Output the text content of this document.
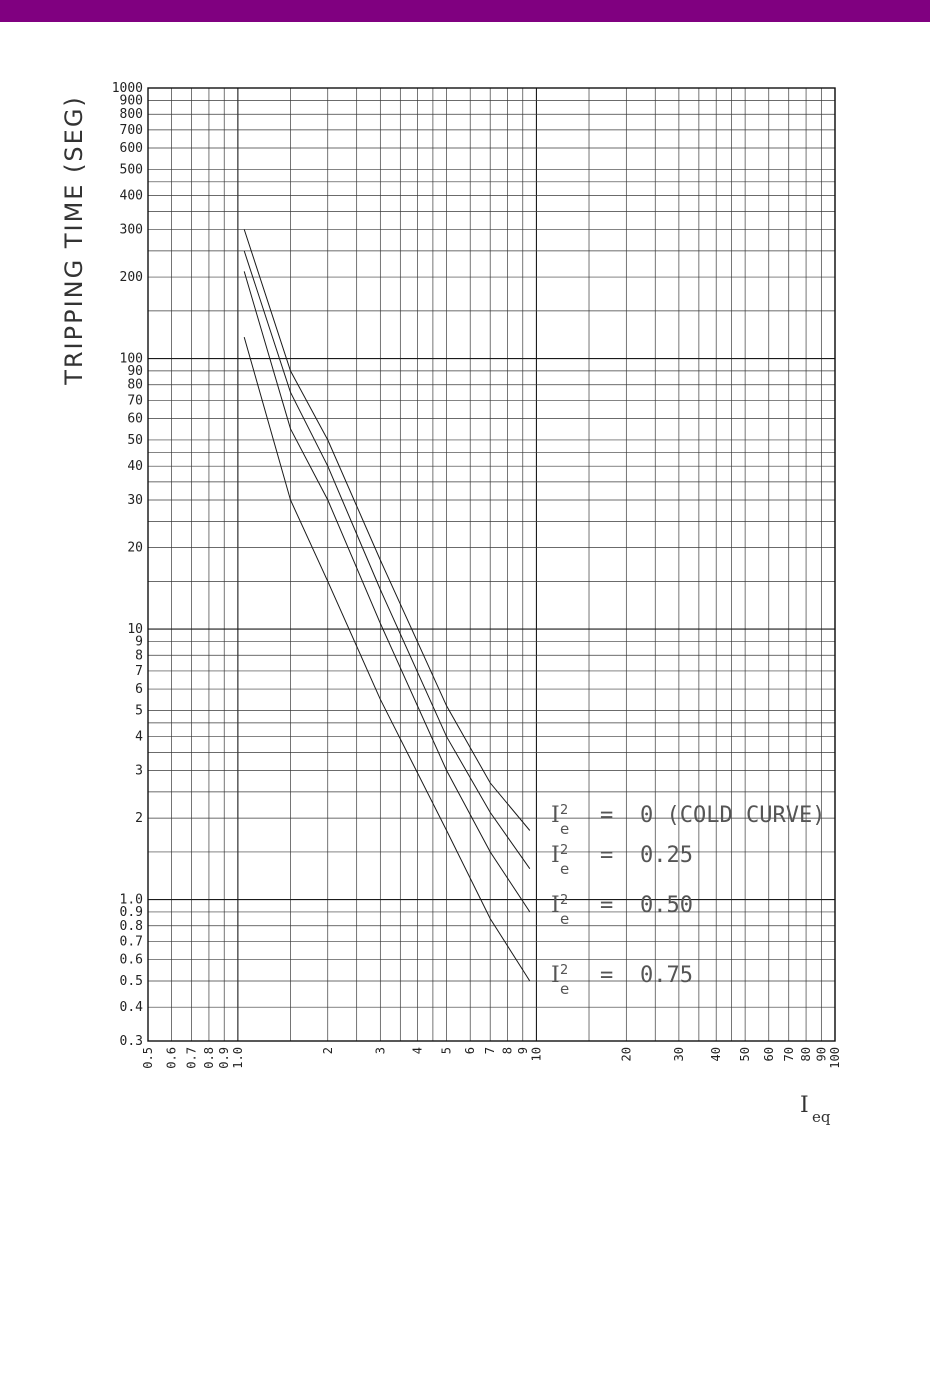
0.3
0.4
0.5
0.6
0.7
0.8
0.9
1.0
2
3
4
5
6
7
8
9
10
20
30
40
50
60
70
80
90
100
200
300
400
500
600
700
800
900
1000
0.5 0.6 0.7 0.8 0.9 1.0	2	3 4 5 6 7 8 9 10	20	30 40 50 60 70 80 90 100
TRIPPING TIME (SEG)
I eq
I 2
e
= 0 (COLD CURVE)
I 2
e
= 0.25
I 2
e
= 0.50
I 2
e
= 0.75
